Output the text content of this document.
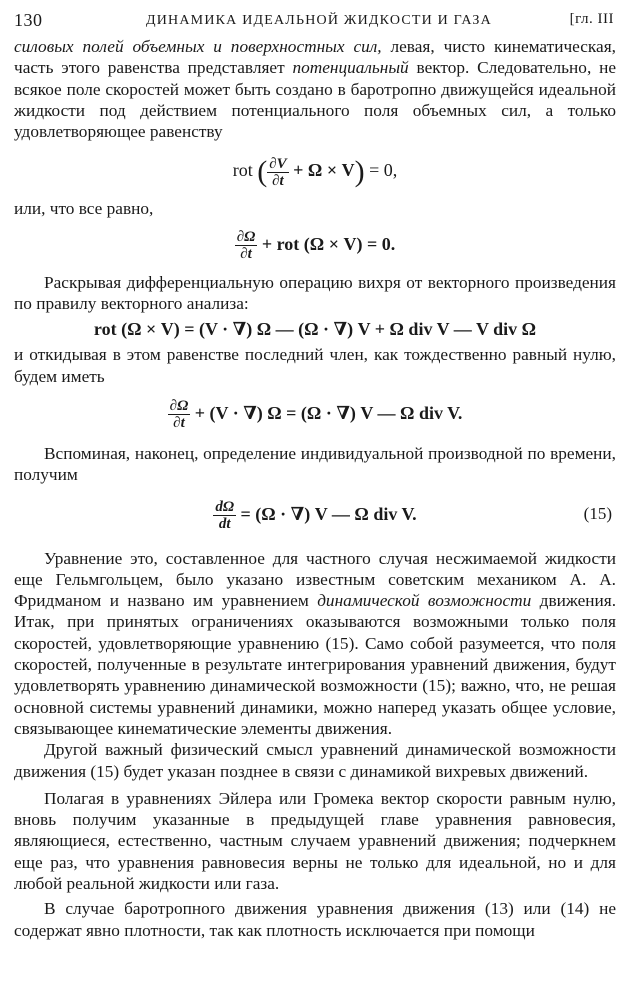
130	ДИНАМИКА ИДЕАЛЬНОЙ ЖИДКОСТИ И ГАЗА	[гл. III

силовых полей объемных и поверхностных сил, левая, чисто кинематическая, часть этого равенства представляет потенциальный вектор. Следовательно, не всякое поле скоростей может быть создано в баротропно движущейся идеальной жидкости под действием потенциального поля объемных сил, а только удовлетворяющее равенству

rot ( $\frac{\partial V}{\partial t} + \Omega \times V) = 0$,

или, что все равно,

$\frac{\partial\Omega}{\partial t}$ + rot (Ω × V) = 0.

Раскрывая дифференциальную операцию вихря от векторного произведения по правилу векторного анализа:

rot (Ω × V) = (V · ∇) Ω — (Ω · ∇) V + Ω div V — V div Ω

и откидывая в этом равенстве последний член, как тождественно равный нулю, будем иметь

$\frac{\partial\Omega}{\partial t} + (V$ · ∇) Ω = (Ω · ∇) V — Ω div V.

Вспоминая, наконец, определение индивидуальной производной по времени, получим

$\frac{d\Omega}{dt} = (\Omega$ · ∇) V — Ω div V.	(15)

Уравнение это, составленное для частного случая несжимаемой жидкости еще Гельмгольцем, было указано известным советским механиком А. А. Фридманом и названо им уравнением динамической возможности движения. Итак, при принятых ограничениях оказываются возможными только поля скоростей, удовлетворяющие уравнению (15). Само собой разумеется, что поля скоростей, полученные в результате интегрирования уравнений движения, будут удовлетворять уравнению динамической возможности (15); важно, что, не решая основной системы уравнений динамики, можно наперед указать общее условие, связывающее кинематические элементы движения.

Другой важный физический смысл уравнений динамической возможности движения (15) будет указан позднее в связи с динамикой вихревых движений.

Полагая в уравнениях Эйлера или Громека вектор скорости равным нулю, вновь получим указанные в предыдущей главе уравнения равновесия, являющиеся, естественно, частным случаем уравнений движения; подчеркнем еще раз, что уравнения равновесия верны не только для идеальной, но и для любой реальной жидкости или газа.

В случае баротропного движения уравнения движения (13) или (14) не содержат явно плотности, так как плотность исключается при помощи
